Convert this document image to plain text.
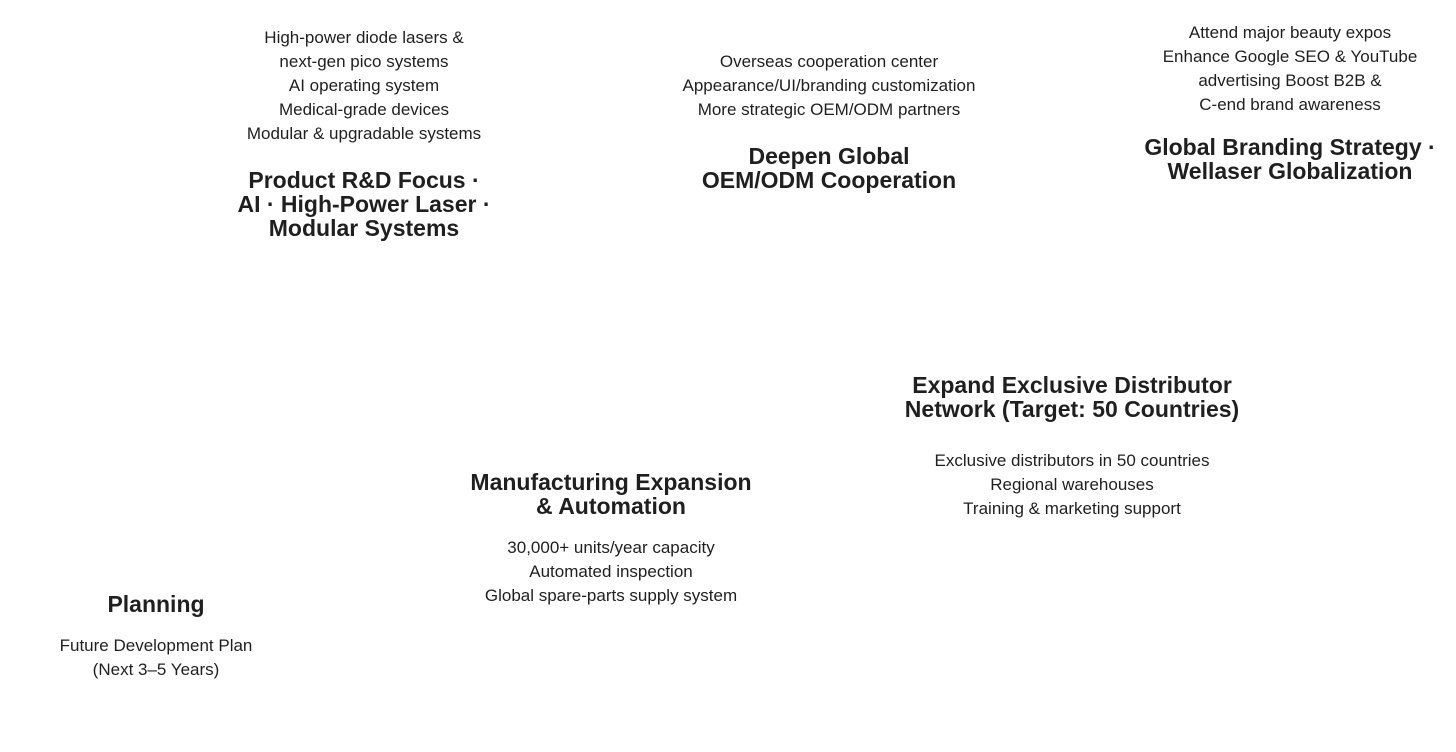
Planning
Future Development Plan
(Next 3–5 Years)
Manufacturing Expansion
& Automation
30,000+ units/year capacity
Automated inspection
Global spare-parts supply system
Expand Exclusive Distributor
Network (Target: 50 Countries)
Exclusive distributors in 50 countries
Regional warehouses
Training & marketing support
High-power diode lasers &
next-gen pico systems
AI operating system
Medical-grade devices
Modular & upgradable systems
Product R&D Focus ·
AI · High-Power Laser ·
Modular Systems
Overseas cooperation center
Appearance/UI/branding customization
More strategic OEM/ODM partners
Deepen Global
OEM/ODM Cooperation
Attend major beauty expos
Enhance Google SEO & YouTube
advertising Boost B2B &
C-end brand awareness
Global Branding Strategy ·
Wellaser Globalization
